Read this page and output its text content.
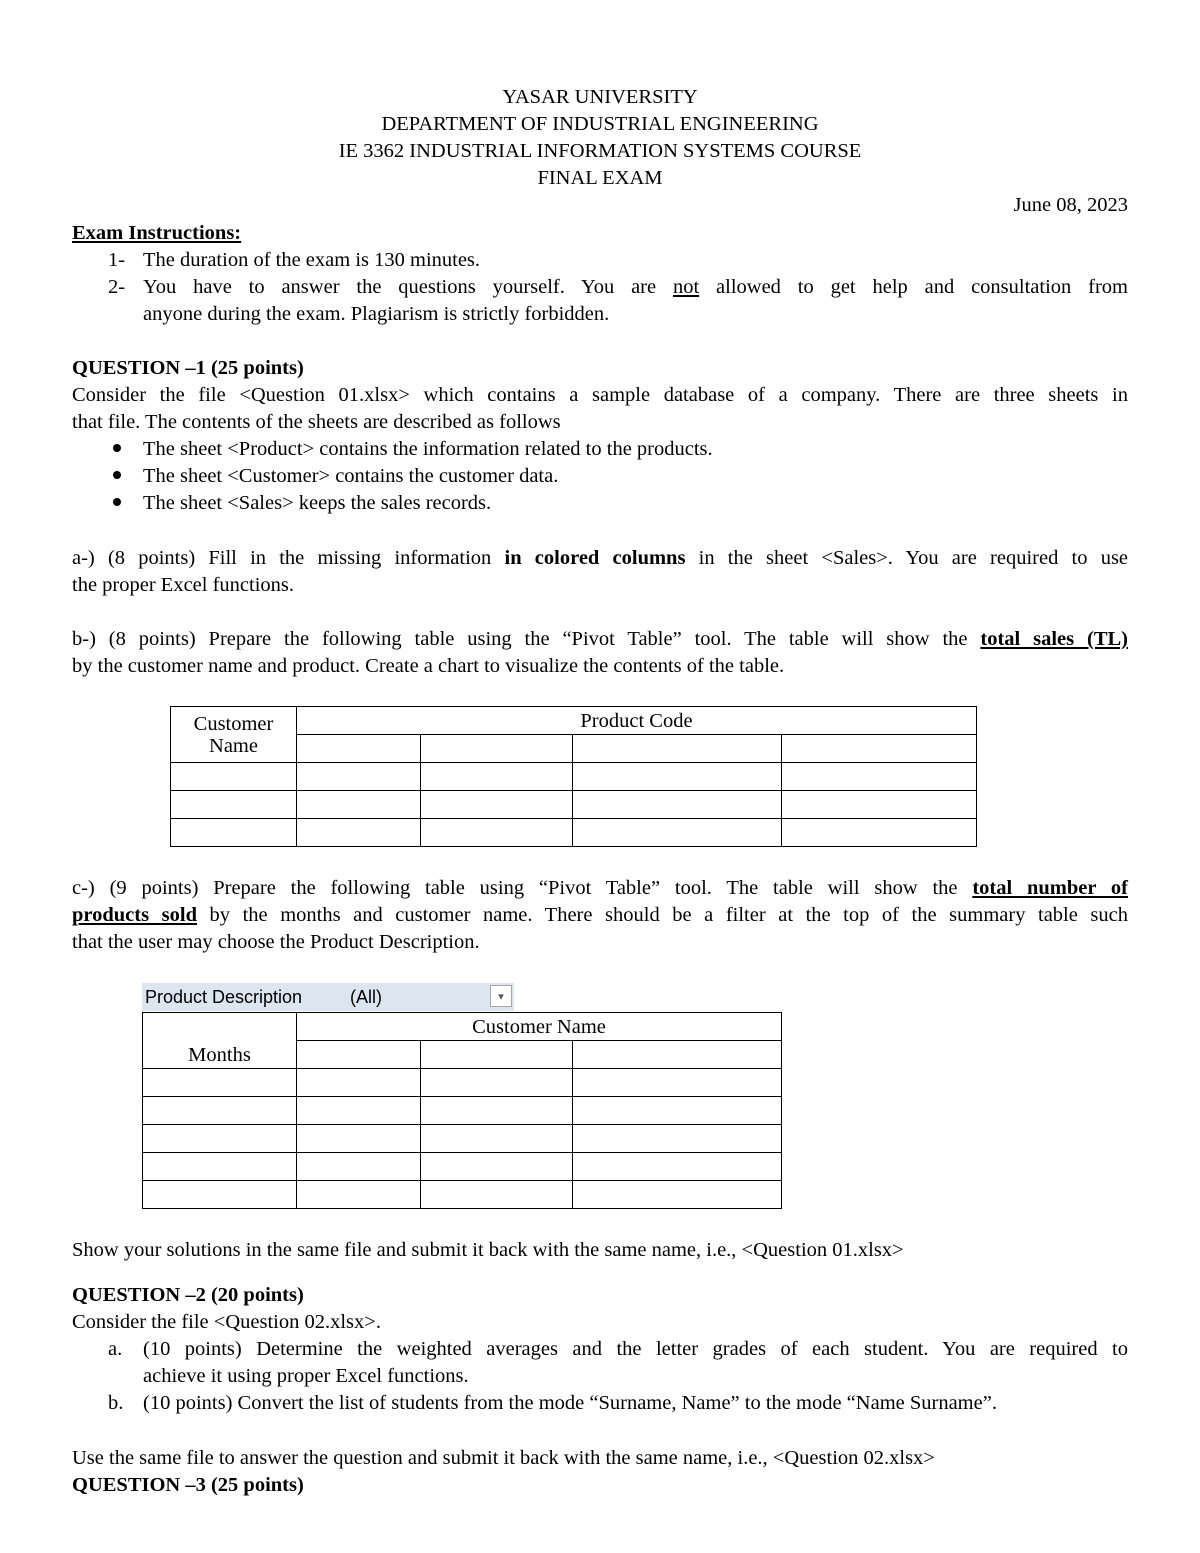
YASAR UNIVERSITY
DEPARTMENT OF INDUSTRIAL ENGINEERING
IE 3362 INDUSTRIAL INFORMATION SYSTEMS COURSE
FINAL EXAM
June 08, 2023
Exam Instructions:
1- The duration of the exam is 130 minutes.
2- You have to answer the questions yourself. You are not allowed to get help and consultation from
anyone during the exam. Plagiarism is strictly forbidden.
QUESTION –1 (25 points)
Consider the file <Question 01.xlsx> which contains a sample database of a company. There are three sheets in
that file. The contents of the sheets are described as follows
The sheet <Product> contains the information related to the products.
The sheet <Customer> contains the customer data.
The sheet <Sales> keeps the sales records.
a-) (8 points) Fill in the missing information in colored columns in the sheet <Sales>. You are required to use
the proper Excel functions.
b-) (8 points) Prepare the following table using the “Pivot Table” tool. The table will show the total sales (TL)
by the customer name and product. Create a chart to visualize the contents of the table.
Customer
Name	Product Code			

c-) (9 points) Prepare the following table using “Pivot Table” tool. The table will show the total number of
products sold by the months and customer name. There should be a filter at the top of the summary table such
that the user may choose the Product Description.
Product Description	(All)	▾
Months	Customer Name		

Show your solutions in the same file and submit it back with the same name, i.e., <Question 01.xlsx>
QUESTION –2 (20 points)
Consider the file <Question 02.xlsx>.
a. (10 points) Determine the weighted averages and the letter grades of each student. You are required to
achieve it using proper Excel functions.
b. (10 points) Convert the list of students from the mode “Surname, Name” to the mode “Name Surname”.
Use the same file to answer the question and submit it back with the same name, i.e., <Question 02.xlsx>
QUESTION –3 (25 points)
